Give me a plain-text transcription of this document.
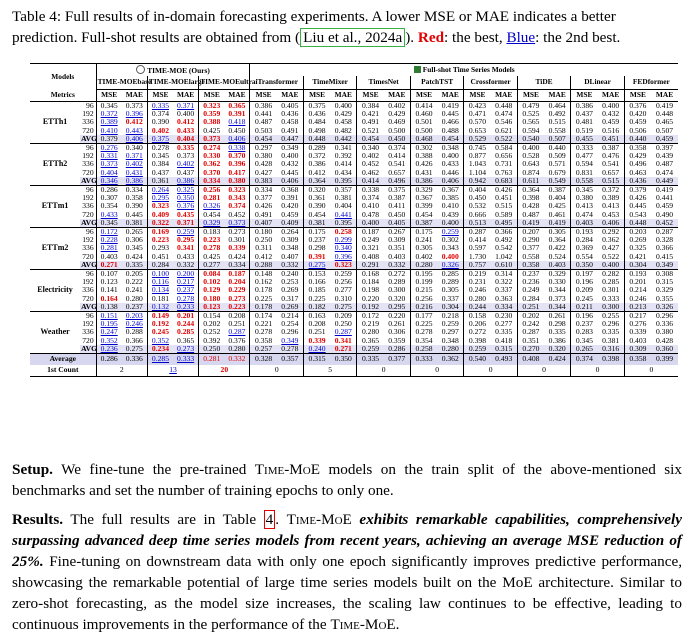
Table 4: Full results of in-domain forecasting experiments. A lower MSE or MAE indicates a better prediction. Full-shot results are obtained from ( Liu et al., 2024a ). Red: the best, Blue: the 2nd best.
Models		TIME-MOE (Ours)						Full-shot Time Series Models															
		TIME-MOEbase		TIME-MOElarge		TIME-MOEultra		iTransformer		TimeMixer		TimesNet		PatchTST		Crossformer		TiDE		DLinear		FEDformer	
Metrics		MSE	MAE	MSE	MAE	MSE	MAE	MSE	MAE	MSE	MAE	MSE	MAE	MSE	MAE	MSE	MAE	MSE	MAE	MSE	MAE	MSE	MAE
ETTh1	96	0.345	0.373	0.335	0.371	0.323	0.365	0.386	0.405	0.375	0.400	0.384	0.402	0.414	0.419	0.423	0.448	0.479	0.464	0.386	0.400	0.376	0.419
	192	0.372	0.396	0.374	0.400	0.359	0.391	0.441	0.436	0.436	0.429	0.421	0.429	0.460	0.445	0.471	0.474	0.525	0.492	0.437	0.432	0.420	0.448
	336	0.389	0.412	0.390	0.412	0.388	0.418	0.487	0.458	0.484	0.458	0.491	0.469	0.501	0.466	0.570	0.546	0.565	0.515	0.481	0.459	0.459	0.465
	720	0.410	0.443	0.402	0.433	0.425	0.450	0.503	0.491	0.498	0.482	0.521	0.500	0.500	0.488	0.653	0.621	0.594	0.558	0.519	0.516	0.506	0.507
	AVG	0.379	0.406	0.375	0.404	0.373	0.406	0.454	0.447	0.448	0.442	0.454	0.450	0.468	0.454	0.529	0.522	0.540	0.507	0.455	0.451	0.440	0.459
ETTh2	96	0.276	0.340	0.278	0.335	0.274	0.338	0.297	0.349	0.289	0.341	0.340	0.374	0.302	0.348	0.745	0.584	0.400	0.440	0.333	0.387	0.358	0.397
	192	0.331	0.371	0.345	0.373	0.330	0.370	0.380	0.400	0.372	0.392	0.402	0.414	0.388	0.400	0.877	0.656	0.528	0.509	0.477	0.476	0.429	0.439
	336	0.373	0.402	0.384	0.402	0.362	0.396	0.428	0.432	0.386	0.414	0.452	0.541	0.426	0.433	1.043	0.731	0.643	0.571	0.594	0.541	0.496	0.487
	720	0.404	0.431	0.437	0.437	0.370	0.417	0.427	0.445	0.412	0.434	0.462	0.657	0.431	0.446	1.104	0.763	0.874	0.679	0.831	0.657	0.463	0.474
	AVG	0.346	0.386	0.361	0.386	0.334	0.380	0.383	0.406	0.364	0.395	0.414	0.496	0.386	0.406	0.942	0.683	0.611	0.549	0.558	0.515	0.436	0.449
ETTm1	96	0.286	0.334	0.264	0.325	0.256	0.323	0.334	0.368	0.320	0.357	0.338	0.375	0.329	0.367	0.404	0.426	0.364	0.387	0.345	0.372	0.379	0.419
	192	0.307	0.358	0.295	0.350	0.281	0.343	0.377	0.391	0.361	0.381	0.374	0.387	0.367	0.385	0.450	0.451	0.398	0.404	0.380	0.389	0.426	0.441
	336	0.354	0.390	0.323	0.376	0.326	0.374	0.426	0.420	0.390	0.404	0.410	0.411	0.399	0.410	0.532	0.515	0.428	0.425	0.413	0.413	0.445	0.459
	720	0.433	0.445	0.409	0.435	0.454	0.452	0.491	0.459	0.454	0.441	0.478	0.450	0.454	0.439	0.666	0.589	0.487	0.461	0.474	0.453	0.543	0.490
	AVG	0.345	0.381	0.322	0.371	0.329	0.373	0.407	0.409	0.381	0.395	0.400	0.405	0.387	0.400	0.513	0.495	0.419	0.419	0.403	0.406	0.448	0.452
ETTm2	96	0.172	0.265	0.169	0.259	0.183	0.273	0.180	0.264	0.175	0.258	0.187	0.267	0.175	0.259	0.287	0.366	0.207	0.305	0.193	0.292	0.203	0.287
	192	0.228	0.306	0.223	0.295	0.223	0.301	0.250	0.309	0.237	0.299	0.249	0.309	0.241	0.302	0.414	0.492	0.290	0.364	0.284	0.362	0.269	0.328
	336	0.281	0.345	0.293	0.341	0.278	0.339	0.311	0.348	0.298	0.340	0.321	0.351	0.305	0.343	0.597	0.542	0.377	0.422	0.369	0.427	0.325	0.366
	720	0.403	0.424	0.451	0.433	0.425	0.424	0.412	0.407	0.391	0.396	0.408	0.403	0.402	0.400	1.730	1.042	0.558	0.524	0.554	0.522	0.421	0.415
	AVG	0.271	0.335	0.284	0.332	0.277	0.334	0.288	0.332	0.275	0.323	0.291	0.332	0.280	0.326	0.757	0.610	0.358	0.403	0.350	0.400	0.304	0.349
Electricity	96	0.107	0.205	0.100	0.200	0.084	0.187	0.148	0.240	0.153	0.259	0.168	0.272	0.195	0.285	0.219	0.314	0.237	0.329	0.197	0.282	0.193	0.308
	192	0.123	0.222	0.116	0.217	0.102	0.204	0.162	0.253	0.166	0.256	0.184	0.289	0.199	0.289	0.231	0.322	0.236	0.330	0.196	0.285	0.201	0.315
	336	0.141	0.241	0.134	0.237	0.129	0.229	0.178	0.269	0.185	0.277	0.198	0.300	0.215	0.305	0.246	0.337	0.249	0.344	0.209	0.301	0.214	0.329
	720	0.164	0.280	0.181	0.278	0.180	0.273	0.225	0.317	0.225	0.310	0.220	0.320	0.256	0.337	0.280	0.363	0.284	0.373	0.245	0.333	0.246	0.355
	AVG	0.138	0.237	0.132	0.233	0.123	0.223	0.178	0.269	0.182	0.275	0.192	0.295	0.216	0.304	0.244	0.334	0.251	0.344	0.211	0.300	0.213	0.326
Weather	96	0.151	0.203	0.149	0.201	0.154	0.208	0.174	0.214	0.163	0.209	0.172	0.220	0.177	0.218	0.158	0.230	0.202	0.261	0.196	0.255	0.217	0.296
	192	0.195	0.246	0.192	0.244	0.202	0.251	0.221	0.254	0.208	0.250	0.219	0.261	0.225	0.259	0.206	0.277	0.242	0.298	0.237	0.296	0.276	0.336
	336	0.247	0.288	0.245	0.285	0.252	0.287	0.278	0.296	0.251	0.287	0.280	0.306	0.278	0.297	0.272	0.335	0.287	0.335	0.283	0.335	0.339	0.380
	720	0.352	0.366	0.352	0.365	0.392	0.376	0.358	0.349	0.339	0.341	0.365	0.359	0.354	0.348	0.398	0.418	0.351	0.386	0.345	0.381	0.403	0.428
	AVG	0.236	0.275	0.234	0.273	0.250	0.280	0.257	0.278	0.240	0.271	0.259	0.286	0.258	0.280	0.259	0.315	0.270	0.320	0.265	0.316	0.309	0.360
Average		0.286	0.336	0.285	0.333	0.281	0.332	0.328	0.357	0.315	0.350	0.335	0.377	0.333	0.362	0.540	0.493	0.408	0.424	0.374	0.398	0.358	0.399
1st Count		2		13		20		0		5		0		0		0		0		0		0	
Setup. We fine-tune the pre-trained Time-MoE models on the train split of the above-mentioned six benchmarks and set the number of training epochs to only one.
Results. The full results are in Table 4 . Time-MoE exhibits remarkable capabilities, comprehensively surpassing advanced deep time series models from recent years, achieving an average MSE reduction of 25%. Fine-tuning on downstream data with only one epoch significantly improves predictive performance, showcasing the remarkable potential of large time series models built on the MoE architecture. Similar to zero-shot forecasting, as the model size increases, the scaling law continues to be effective, leading to continuous improvements in the performance of the Time-MoE.
